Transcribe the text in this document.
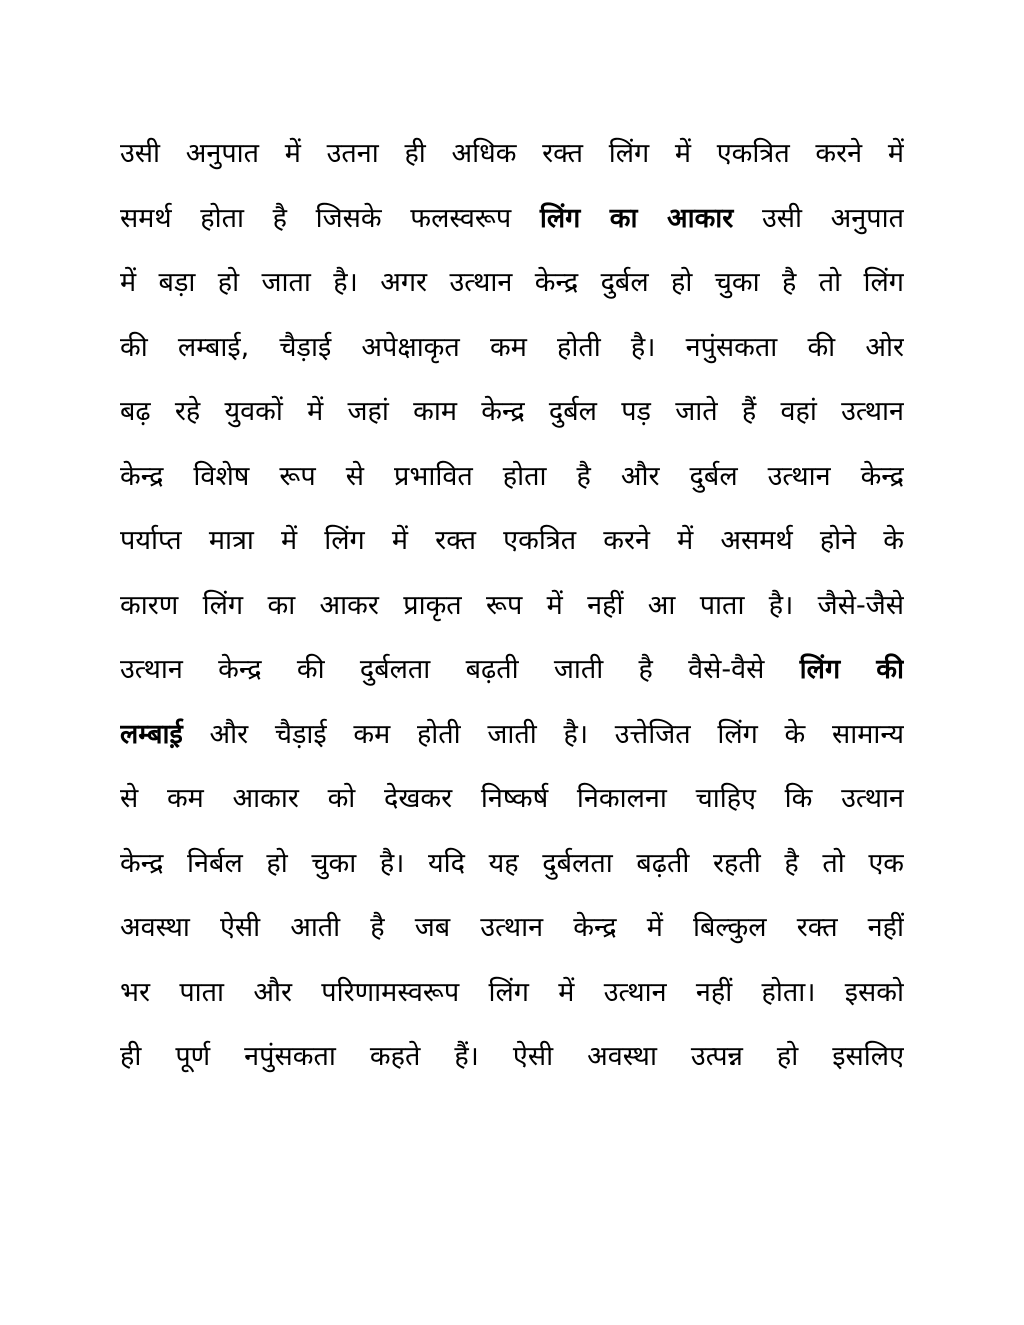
उसी अनुपात में उतना ही अधिक रक्त लिंग में एकत्रित करने में
समर्थ होता है जिसके फलस्वरूप लिंग का आकार उसी अनुपात
में बड़ा हो जाता है। अगर उत्थान केन्द्र दुर्बल हो चुका है तो लिंग
की लम्बाई, चैड़ाई अपेक्षाकृत कम होती है। नपुंसकता की ओर
बढ़ रहे युवकों में जहां काम केन्द्र दुर्बल पड़ जाते हैं वहां उत्थान
केन्द्र विशेष रूप से प्रभावित होता है और दुर्बल उत्थान केन्द्र
पर्याप्त मात्रा में लिंग में रक्त एकत्रित करने में असमर्थ होने के
कारण लिंग का आकर प्राकृत रूप में नहीं आ पाता है। जैसे-जैसे
उत्थान केन्द्र की दुर्बलता बढ़ती जाती है वैसे-वैसे लिंग की
लम्बाई़ और चैड़ाई कम होती जाती है। उत्तेजित लिंग के सामान्य
से कम आकार को देखकर निष्कर्ष निकालना चाहिए कि उत्थान
केन्द्र निर्बल हो चुका है। यदि यह दुर्बलता बढ़ती रहती है तो एक
अवस्था ऐसी आती है जब उत्थान केन्द्र में बिल्कुल रक्त नहीं
भर पाता और परिणामस्वरूप लिंग में उत्थान नहीं होता। इसको
ही पूर्ण नपुंसकता कहते हैं। ऐसी अवस्था उत्पन्न हो इसलिए
